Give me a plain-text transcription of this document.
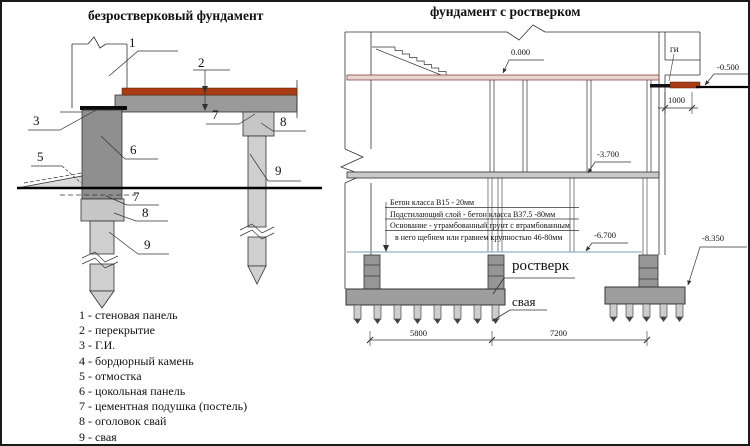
безростверковый фундамент	фундамент с ростверком
1
2
3
5	6
7	8
9
7
8
9
1 - стеновая панель
2 - перекрытие
3 - Г.И.
4 - бордюрный камень
5 - отмостка
6 - цокольная панель
7 - цементная подушка (постель)
8 - оголовок свай
9 - свая
0.000
-0.500
-3.700
-6.700	-8.350
ги
1000
5800	7200
Бетон класса В15 - 20мм
Подстилающий слой - бетон класса В37.5 -80мм
Основание - утрамбованный грунт с втрамбованным
в него щебнем или гравием крупностью 46-80мм
ростверк
свая
